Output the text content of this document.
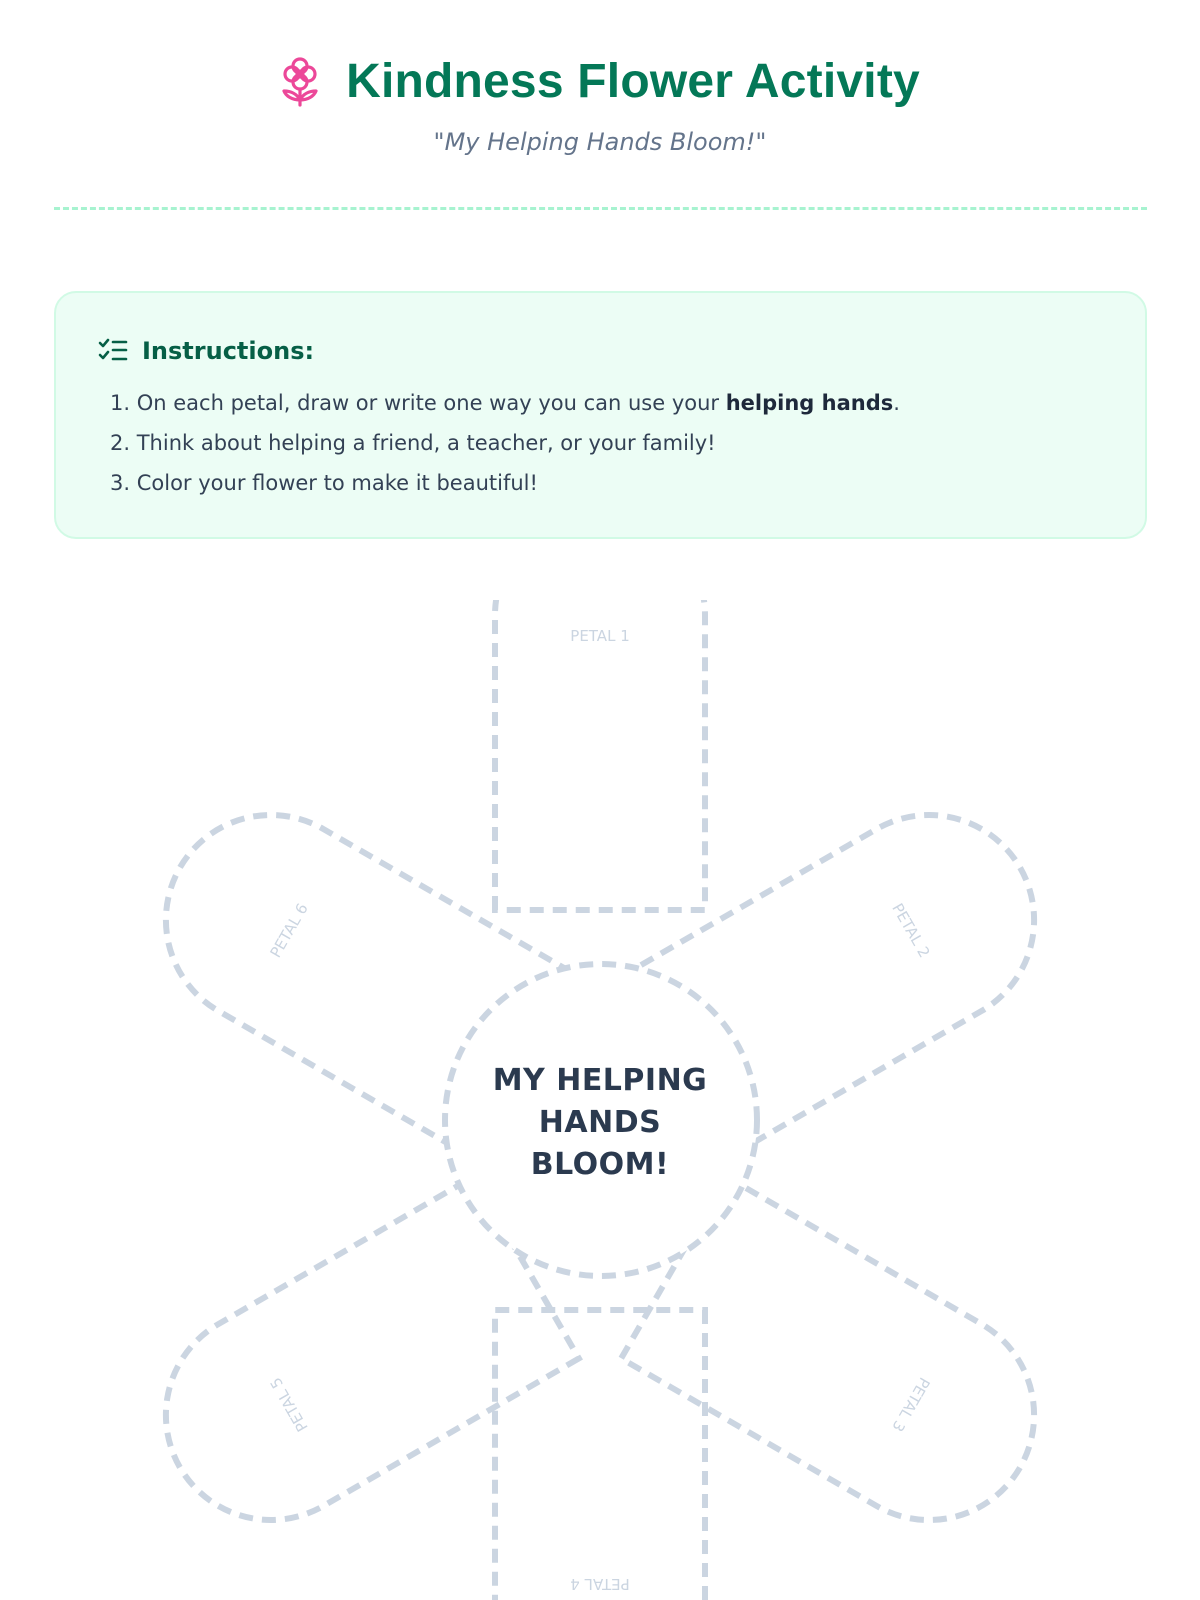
Kindness Flower Activity
"My Helping Hands Bloom!"
Instructions:
1. On each petal, draw or write one way you can use your helping hands.
2. Think about helping a friend, a teacher, or your family!
3. Color your flower to make it beautiful!
PETAL 1
PETAL 2
PETAL 3
PETAL 4
PETAL 5
PETAL 6
MY HELPING
HANDS
BLOOM!
